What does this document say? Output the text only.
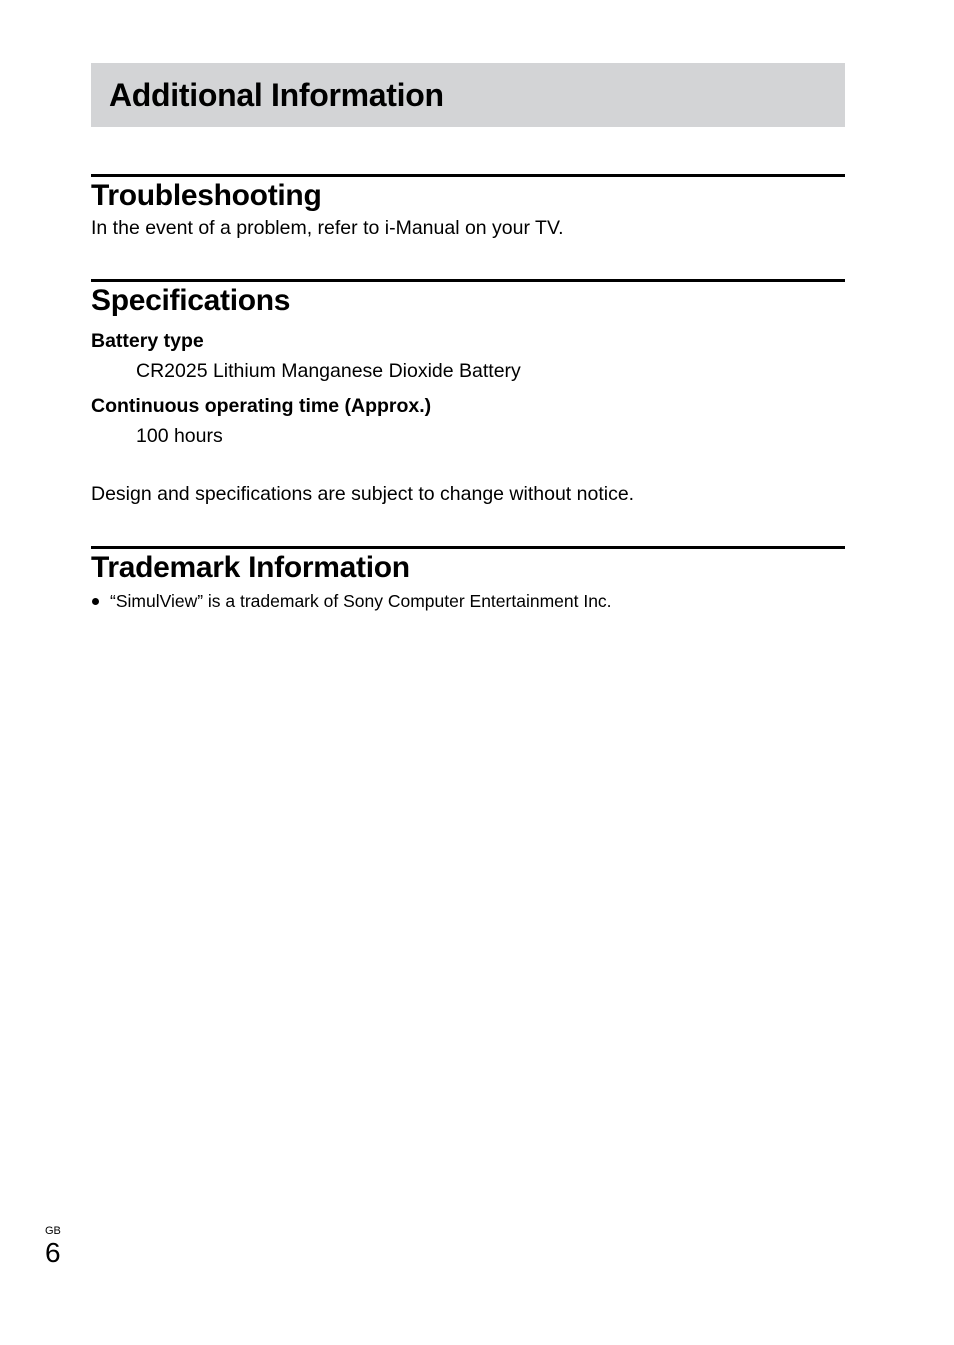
Additional Information
Troubleshooting

In the event of a problem, refer to i-Manual on your TV.

Specifications
Battery type
CR2025 Lithium Manganese Dioxide Battery
Continuous operating time (Approx.)
100 hours

Design and specifications are subject to change without notice.

Trademark Information
“SimulView” is a trademark of Sony Computer Entertainment Inc.
GB
6
